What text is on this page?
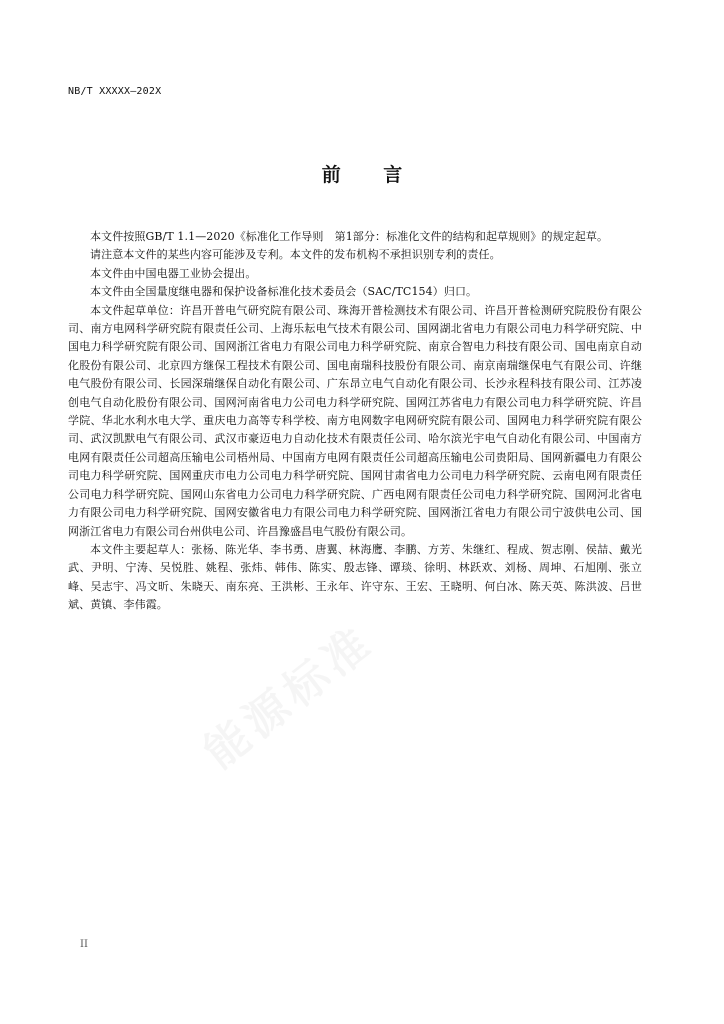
NB/T XXXXX—202X
前 言

本文件按照GB/T 1.1—2020《标准化工作导则　第1部分：标准化文件的结构和起草规则》的规定起草。

请注意本文件的某些内容可能涉及专利。本文件的发布机构不承担识别专利的责任。

本文件由中国电器工业协会提出。

本文件由全国量度继电器和保护设备标准化技术委员会（SAC/TC154）归口。

本文件起草单位：许昌开普电气研究院有限公司、珠海开普检测技术有限公司、许昌开普检测研究院股份有限公司、南方电网科学研究院有限责任公司、上海乐耘电气技术有限公司、国网湖北省电力有限公司电力科学研究院、中国电力科学研究院有限公司、国网浙江省电力有限公司电力科学研究院、南京合智电力科技有限公司、国电南京自动化股份有限公司、北京四方继保工程技术有限公司、国电南瑞科技股份有限公司、南京南瑞继保电气有限公司、许继电气股份有限公司、长园深瑞继保自动化有限公司、广东昂立电气自动化有限公司、长沙永程科技有限公司、江苏凌创电气自动化股份有限公司、国网河南省电力公司电力科学研究院、国网江苏省电力有限公司电力科学研究院、许昌学院、华北水利水电大学、重庆电力高等专科学校、南方电网数字电网研究院有限公司、国网电力科学研究院有限公司、武汉凯默电气有限公司、武汉市豪迈电力自动化技术有限责任公司、哈尔滨光宇电气自动化有限公司、中国南方电网有限责任公司超高压输电公司梧州局、中国南方电网有限责任公司超高压输电公司贵阳局、国网新疆电力有限公司电力科学研究院、国网重庆市电力公司电力科学研究院、国网甘肃省电力公司电力科学研究院、云南电网有限责任公司电力科学研究院、国网山东省电力公司电力科学研究院、广西电网有限责任公司电力科学研究院、国网河北省电力有限公司电力科学研究院、国网安徽省电力有限公司电力科学研究院、国网浙江省电力有限公司宁波供电公司、国网浙江省电力有限公司台州供电公司、许昌豫盛昌电气股份有限公司。

本文件主要起草人：张杨、陈光华、李书勇、唐翼、林海鹰、李鹏、方芳、朱继红、程成、贺志刚、侯喆、戴光武、尹明、宁涛、吴悦胜、姚程、张炜、韩伟、陈实、殷志锋、谭琰、徐明、林跃欢、刘杨、周坤、石旭刚、张立峰、吴志宇、冯文昕、朱晓天、南东亮、王洪彬、王永年、许守东、王宏、王晓明、何白冰、陈天英、陈洪波、吕世斌、黄镇、李伟霞。

II
